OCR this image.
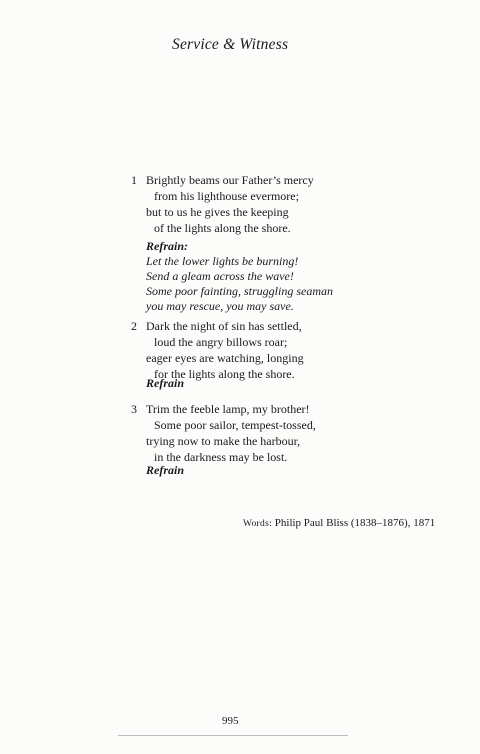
Service & Witness
1 Brightly beams our Father’s mercy
from his lighthouse evermore;
but to us he gives the keeping
of the lights along the shore.
Refrain:
Let the lower lights be burning!
Send a gleam across the wave!
Some poor fainting, struggling seaman
you may rescue, you may save.
2 Dark the night of sin has settled,
loud the angry billows roar;
eager eyes are watching, longing
for the lights along the shore.
Refrain
3 Trim the feeble lamp, my brother!
Some poor sailor, tempest-tossed,
trying now to make the harbour,
in the darkness may be lost.
Refrain
Words: Philip Paul Bliss (1838–1876), 1871
995
